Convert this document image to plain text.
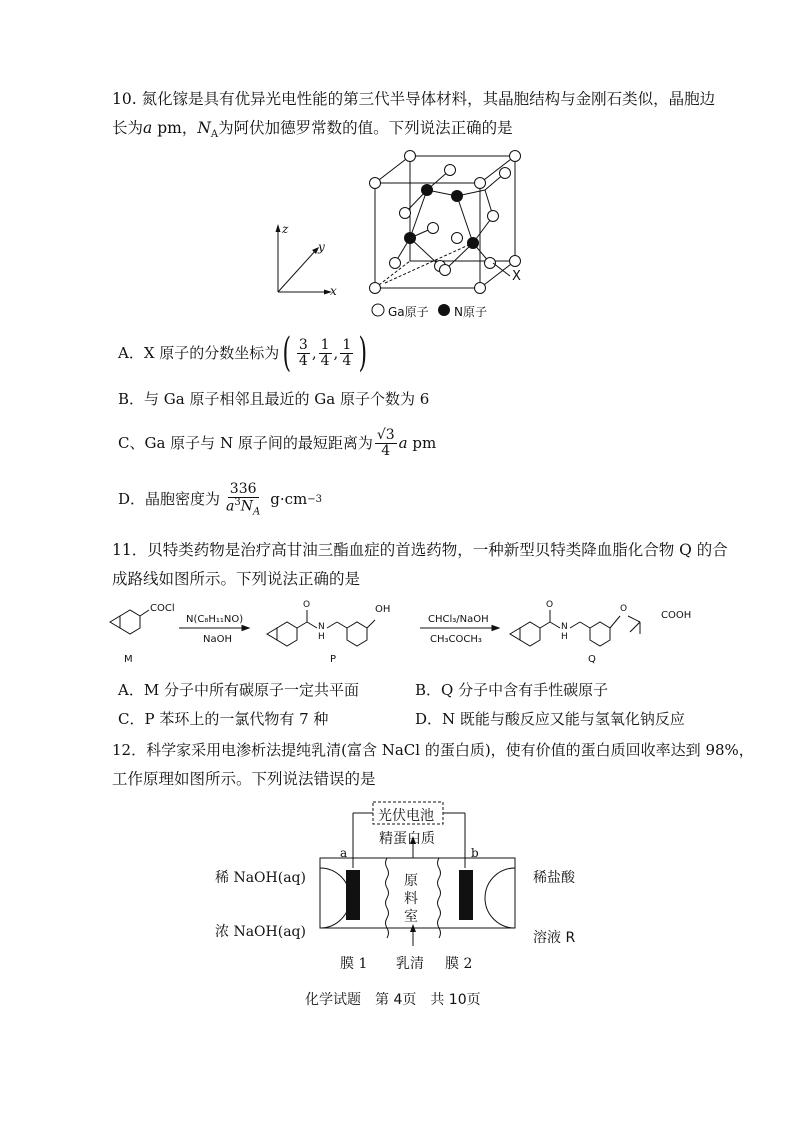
10. 氮化镓是具有优异光电性能的第三代半导体材料，其晶胞结构与金刚石类似，晶胞边
长为a pm，$N_A$为阿伏加德罗常数的值。下列说法正确的是
z
y
x
X
Ga原子 N原子
A． X 原子的分数坐标为 ( $\frac{3}{4}$ , $\frac{1}{4}$ , $\frac{1}{4}$ )
B．与 Ga 原子相邻且最近的 Ga 原子个数为 6
C、 Ga 原子与 N 原子间的最短距离为 $\frac{√3}{4}$ a
pm
D． 晶胞密度为 $\frac{336}{a^3N_A} g\cdot cm -3$
11．贝特类药物是治疗高甘油三酯血症的首选药物，一种新型贝特类降血脂化合物 Q 的合
成路线如图所示。下列说法正确的是
COCl
M
N(C₈H₁₁NO)
NaOH
OH
O
N
H
P
CHCl₃/NaOH
CH₃COCH₃
O
N
H
O
COOH
Q
A．M 分子中所有碳原子一定共平面	B．Q 分子中含有手性碳原子
C．P 苯环上的一氯代物有 7 种	D．N 既能与酸反应又能与氢氧化钠反应
12．科学家采用电渗析法提纯乳清(富含 NaCl 的蛋白质)，使有价值的蛋白质回收率达到 98%，
工作原理如图所示。下列说法错误的是
光伏电池
精蛋白质
a	b
稀 NaOH(aq)
浓 NaOH(aq)
稀盐酸
溶液 R
原
料
室
膜 1 乳清 膜 2
化学试题　第 4页　共 10页
